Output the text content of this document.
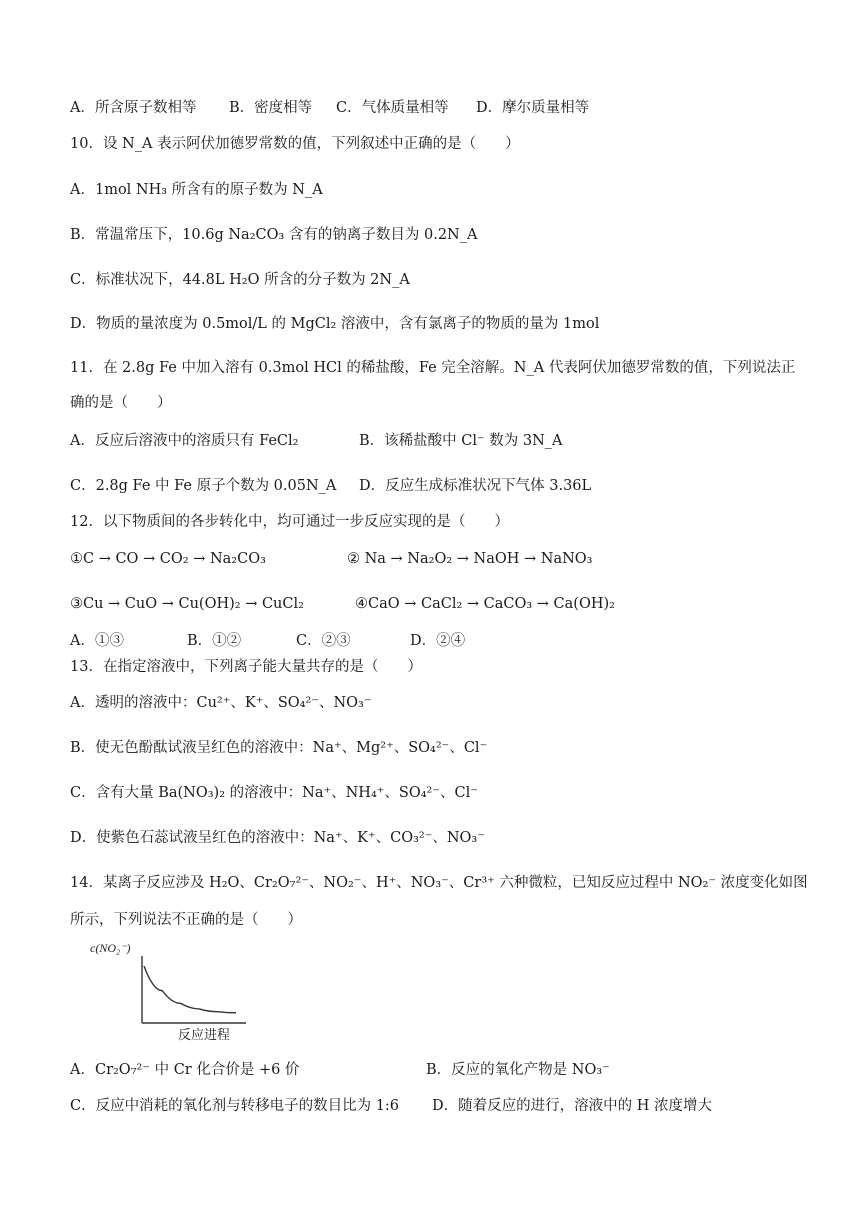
A．所含原子数相等 B．密度相等 C．气体质量相等 D．摩尔质量相等
10．设 N_A 表示阿伏加德罗常数的值，下列叙述中正确的是（　　）
A．1mol NH₃ 所含有的原子数为 N_A
B．常温常压下，10.6g Na₂CO₃ 含有的钠离子数目为 0.2N_A
C．标准状况下，44.8L H₂O 所含的分子数为 2N_A
D．物质的量浓度为 0.5mol/L 的 MgCl₂ 溶液中，含有氯离子的物质的量为 1mol
11．在 2.8g Fe 中加入溶有 0.3mol HCl 的稀盐酸，Fe 完全溶解。N_A 代表阿伏加德罗常数的值，下列说法正
确的是（　　）
A．反应后溶液中的溶质只有 FeCl₂	B．该稀盐酸中 Cl⁻ 数为 3N_A
C．2.8g Fe 中 Fe 原子个数为 0.05N_A D．反应生成标准状况下气体 3.36L
12．以下物质间的各步转化中，均可通过一步反应实现的是（　　）
①C → CO → CO₂ → Na₂CO₃	② Na → Na₂O₂ → NaOH → NaNO₃
③Cu → CuO → Cu(OH)₂ → CuCl₂	④CaO → CaCl₂ → CaCO₃ → Ca(OH)₂
A．①③	B．①②	C．②③	D．②④
13．在指定溶液中，下列离子能大量共存的是（　　）
A．透明的溶液中：Cu²⁺、K⁺、SO₄²⁻、NO₃⁻
B．使无色酚酞试液呈红色的溶液中：Na⁺、Mg²⁺、SO₄²⁻、Cl⁻
C．含有大量 Ba(NO₃)₂ 的溶液中：Na⁺、NH₄⁺、SO₄²⁻、Cl⁻
D．使紫色石蕊试液呈红色的溶液中：Na⁺、K⁺、CO₃²⁻、NO₃⁻
14．某离子反应涉及 H₂O、Cr₂O₇²⁻、NO₂⁻、H⁺、NO₃⁻、Cr³⁺ 六种微粒，已知反应过程中 NO₂⁻ 浓度变化如图
所示，下列说法不正确的是（　　）
c(NO₂⁻)
反应进程
A．Cr₂O₇²⁻ 中 Cr 化合价是 +6 价	B．反应的氧化产物是 NO₃⁻
C．反应中消耗的氧化剂与转移电子的数目比为 1:6 D．随着反应的进行，溶液中的 H 浓度增大
